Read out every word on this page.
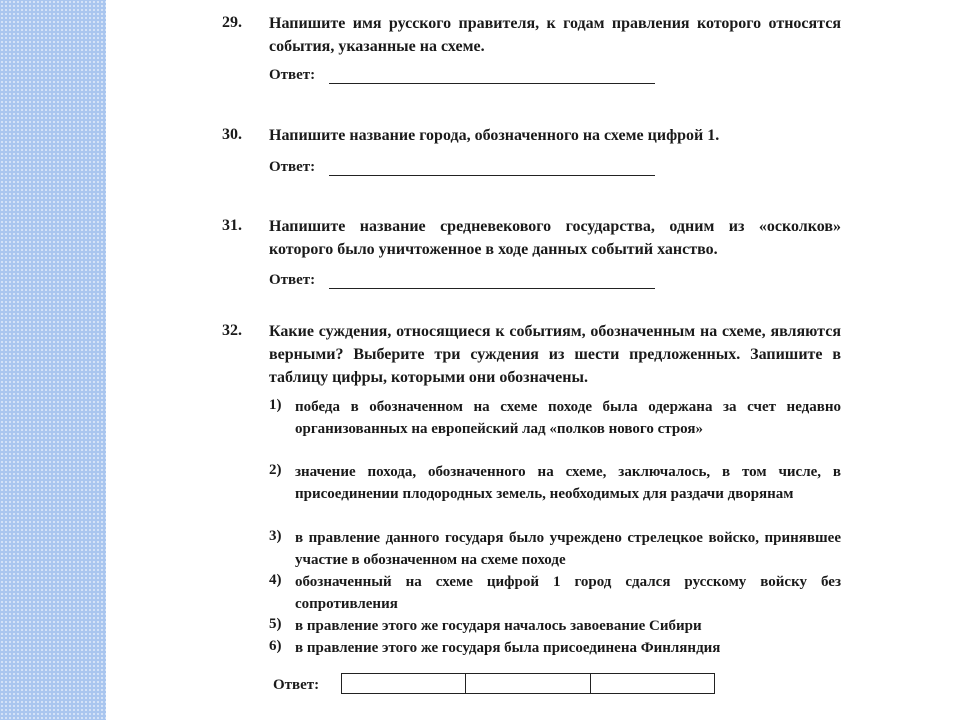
29. Напишите имя русского правителя, к годам правления которого относятся события, указанные на схеме.
Ответ:
30. Напишите название города, обозначенного на схеме цифрой 1.
Ответ:
31. Напишите название средневекового государства, одним из «осколков» которого было уничтоженное в ходе данных событий ханство.
Ответ:
32. Какие суждения, относящиеся к событиям, обозначенным на схеме, являются верными? Выберите три суждения из шести предложенных. Запишите в таблицу цифры, которыми они обозначены.
1) победа в обозначенном на схеме походе была одержана за счет недавно организованных на европейский лад «полков нового строя»
2) значение похода, обозначенного на схеме, заключалось, в том числе, в присоединении плодородных земель, необходимых для раздачи дворянам
3) в правление данного государя было учреждено стрелецкое войско, принявшее участие в обозначенном на схеме походе
4) обозначенный на схеме цифрой 1 город сдался русскому войску без сопротивления
5) в правление этого же государя началось завоевание Сибири
6) в правление этого же государя была присоединена Финляндия
Ответ:
